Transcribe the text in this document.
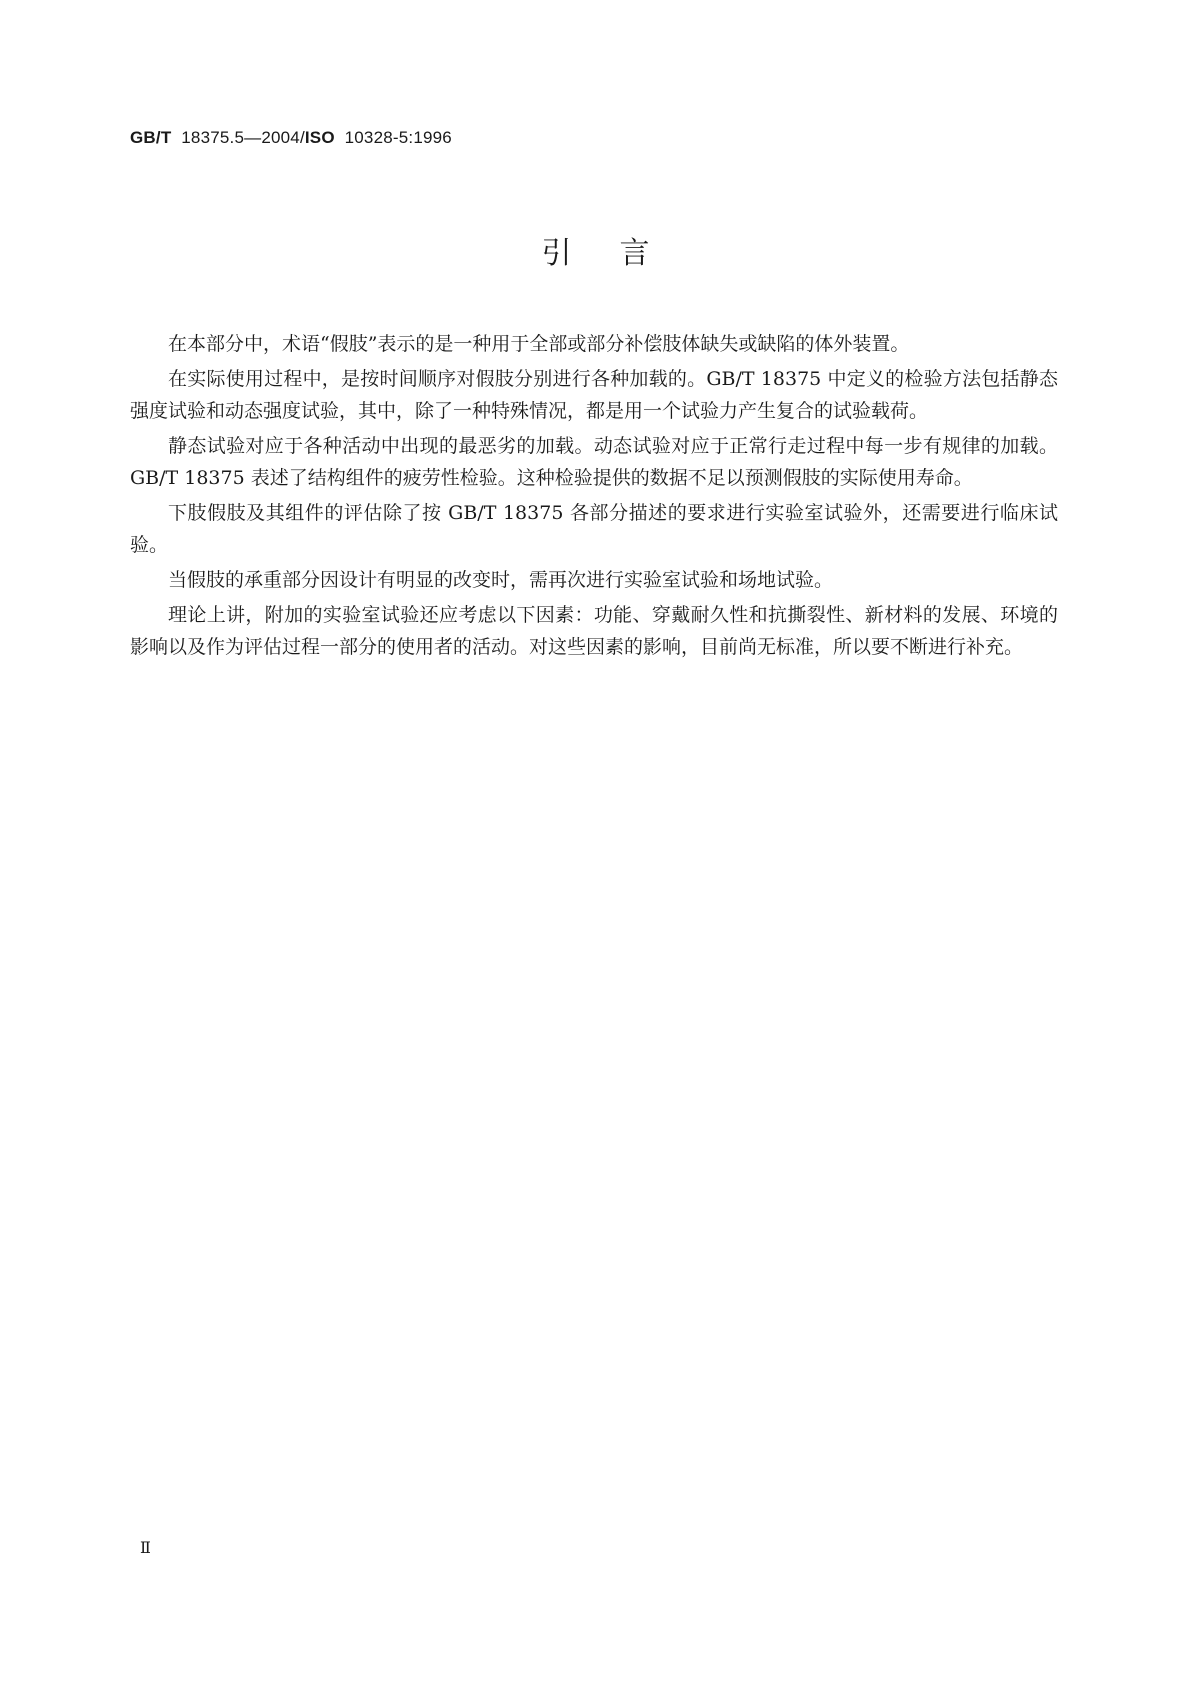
GB/T 18375.5—2004/ISO 10328-5:1996
引言

在本部分中，术语“假肢”表示的是一种用于全部或部分补偿肢体缺失或缺陷的体外装置。

在实际使用过程中，是按时间顺序对假肢分别进行各种加载的。GB/T 18375 中定义的检验方法包括静态强度试验和动态强度试验，其中，除了一种特殊情况，都是用一个试验力产生复合的试验载荷。

静态试验对应于各种活动中出现的最恶劣的加载。动态试验对应于正常行走过程中每一步有规律的加载。GB/T 18375 表述了结构组件的疲劳性检验。这种检验提供的数据不足以预测假肢的实际使用寿命。

下肢假肢及其组件的评估除了按 GB/T 18375 各部分描述的要求进行实验室试验外，还需要进行临床试验。

当假肢的承重部分因设计有明显的改变时，需再次进行实验室试验和场地试验。

理论上讲，附加的实验室试验还应考虑以下因素：功能、穿戴耐久性和抗撕裂性、新材料的发展、环境的影响以及作为评估过程一部分的使用者的活动。对这些因素的影响，目前尚无标准，所以要不断进行补充。

Ⅱ
